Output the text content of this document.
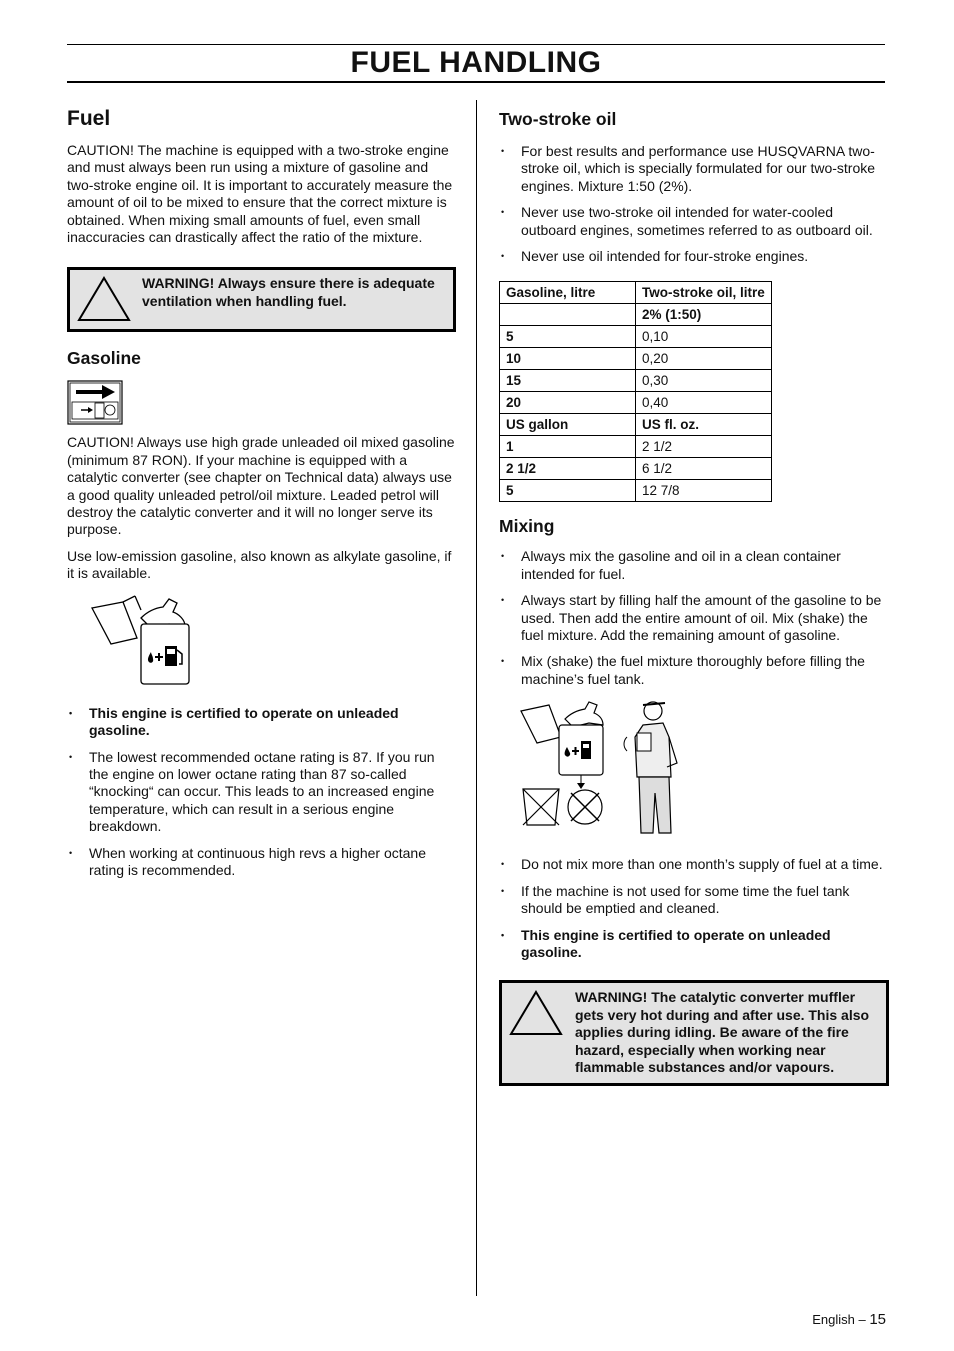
FUEL HANDLING
Fuel

CAUTION! The machine is equipped with a two-stroke engine and must always been run using a mixture of gasoline and two-stroke engine oil. It is important to accurately measure the amount of oil to be mixed to ensure that the correct mixture is obtained. When mixing small amounts of fuel, even small inaccuracies can drastically affect the ratio of the mixture.

WARNING! Always ensure there is adequate ventilation when handling fuel.
Gasoline

CAUTION! Always use high grade unleaded oil mixed gasoline (minimum 87 RON). If your machine is equipped with a catalytic converter (see chapter on Technical data) always use a good quality unleaded petrol/oil mixture. Leaded petrol will destroy the catalytic converter and it will no longer serve its purpose.

Use low-emission gasoline, also known as alkylate gasoline, if it is available.

• This engine is certified to operate on unleaded gasoline.
• The lowest recommended octane rating is 87. If you run the engine on lower octane rating than 87 so-called “knocking“ can occur. This leads to an increased engine temperature, which can result in a serious engine breakdown.
• When working at continuous high revs a higher octane rating is recommended.
Two-stroke oil
• For best results and performance use HUSQVARNA two-stroke oil, which is specially formulated for our two-stroke engines. Mixture 1:50 (2%).
• Never use two-stroke oil intended for water-cooled outboard engines, sometimes referred to as outboard oil.
• Never use oil intended for four-stroke engines.
Gasoline, litre	Two-stroke oil, litre
	2% (1:50)
5	0,10
10	0,20
15	0,30
20	0,40
US gallon	US fl. oz.
1	2 1/2
2 1/2	6 1/2
5	12 7/8
Mixing
• Always mix the gasoline and oil in a clean container intended for fuel.
• Always start by filling half the amount of the gasoline to be used. Then add the entire amount of oil. Mix (shake) the fuel mixture. Add the remaining amount of gasoline.
• Mix (shake) the fuel mixture thoroughly before filling the machine’s fuel tank.
• Do not mix more than one month’s supply of fuel at a time.
• If the machine is not used for some time the fuel tank should be emptied and cleaned.
• This engine is certified to operate on unleaded gasoline.
WARNING! The catalytic converter muffler gets very hot during and after use. This also applies during idling. Be aware of the fire hazard, especially when working near flammable substances and/or vapours.
English – 15
